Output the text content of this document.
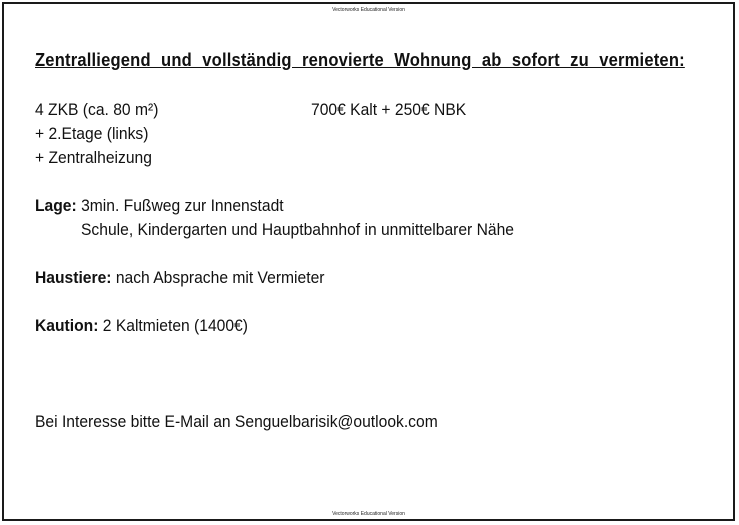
Vectorworks Educational Version
Zentralliegend und vollständig renovierte Wohnung ab sofort zu vermieten:
4 ZKB (ca. 80 m²)	700€ Kalt + 250€ NBK
+ 2.Etage (links)
+ Zentralheizung
Lage: 3min. Fußweg zur Innenstadt
Schule, Kindergarten und Hauptbahnhof in unmittelbarer Nähe
Haustiere: nach Absprache mit Vermieter
Kaution: 2 Kaltmieten (1400€)
Bei Interesse bitte E-Mail an Senguelbarisik@outlook.com
Vectorworks Educational Version
